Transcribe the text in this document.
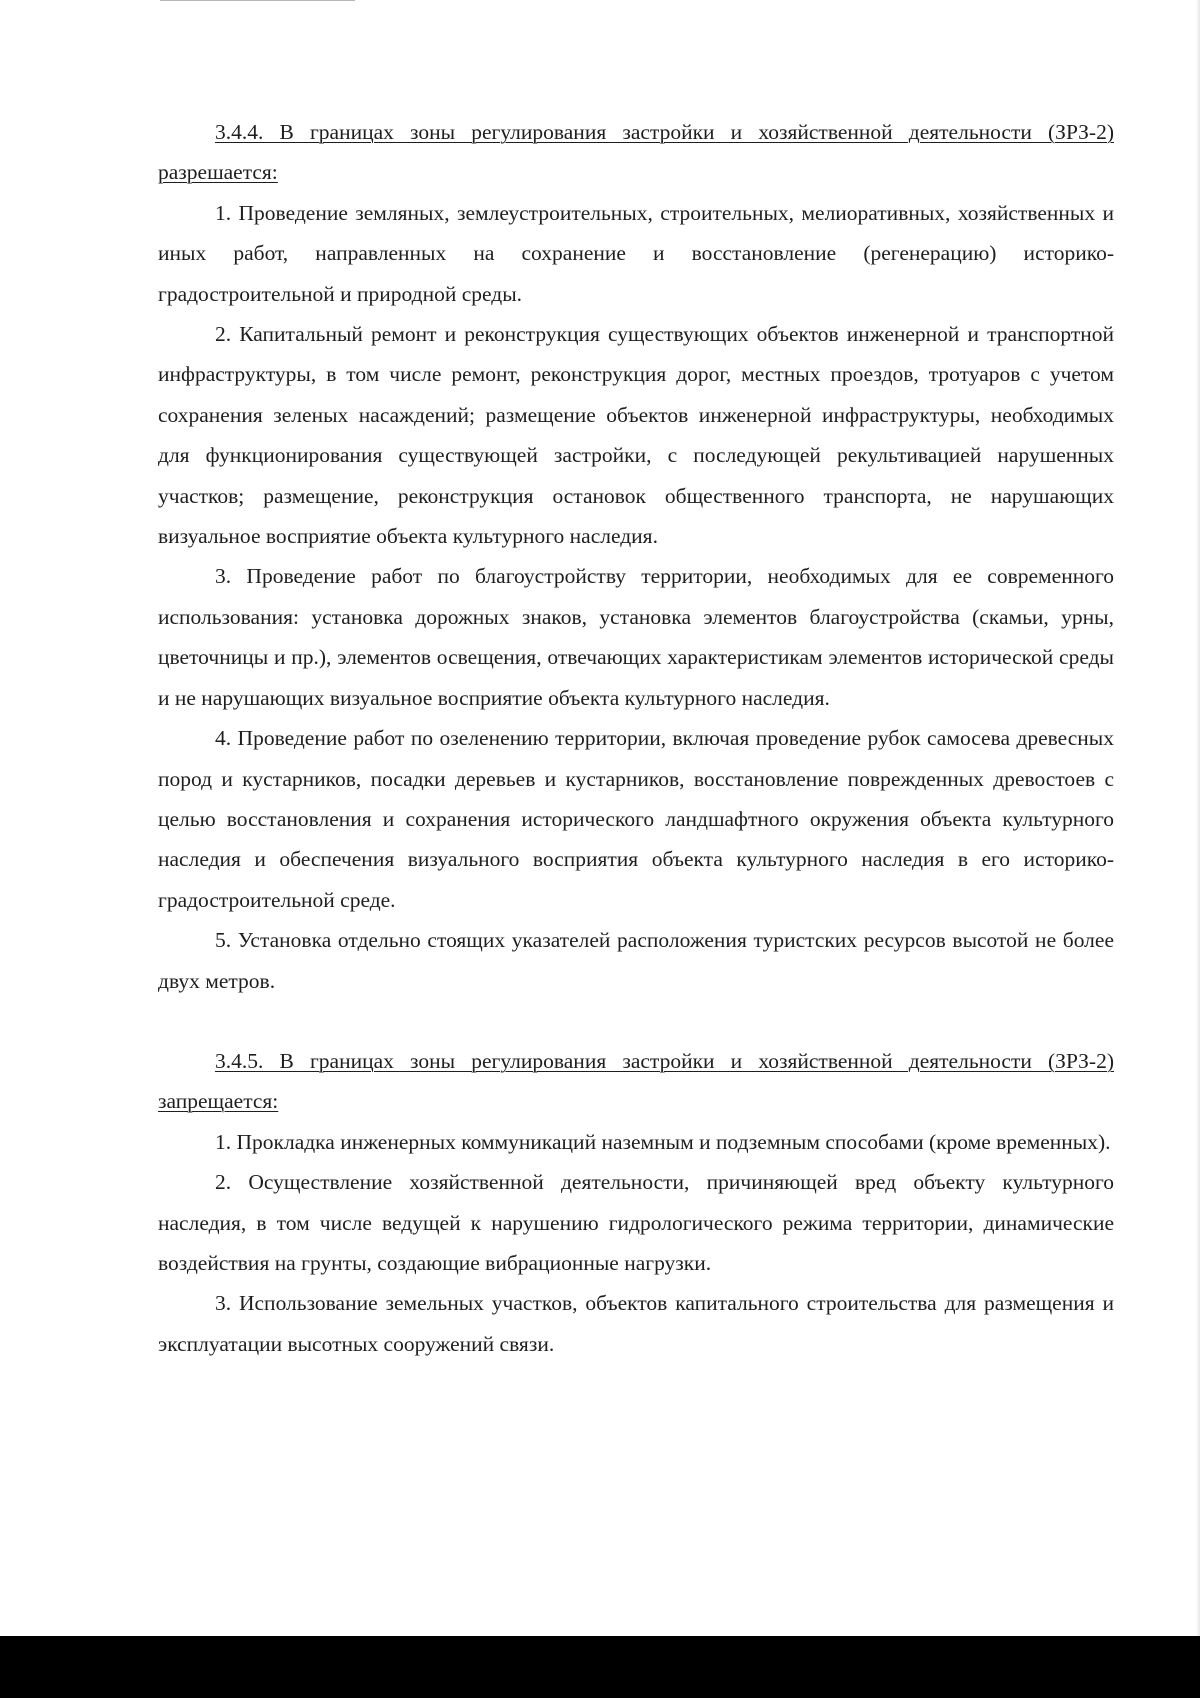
3.4.4. В границах зоны регулирования застройки и хозяйственной деятельности (ЗРЗ-2) разрешается:

1. Проведение земляных, землеустроительных, строительных, мелиоративных, хозяйственных и иных работ, направленных на сохранение и восстановление (регенерацию) историко-градостроительной и природной среды.

2. Капитальный ремонт и реконструкция существующих объектов инженерной и транспортной инфраструктуры, в том числе ремонт, реконструкция дорог, местных проездов, тротуаров с учетом сохранения зеленых насаждений; размещение объектов инженерной инфраструктуры, необходимых для функционирования существующей застройки, с последующей рекультивацией нарушенных участков; размещение, реконструкция остановок общественного транспорта, не нарушающих визуальное восприятие объекта культурного наследия.

3. Проведение работ по благоустройству территории, необходимых для ее современного использования: установка дорожных знаков, установка элементов благоустройства (скамьи, урны, цветочницы и пр.), элементов освещения, отвечающих характеристикам элементов исторической среды и не нарушающих визуальное восприятие объекта культурного наследия.

4. Проведение работ по озеленению территории, включая проведение рубок самосева древесных пород и кустарников, посадки деревьев и кустарников, восстановление поврежденных древостоев с целью восстановления и сохранения исторического ландшафтного окружения объекта культурного наследия и обеспечения визуального восприятия объекта культурного наследия в его историко-градостроительной среде.

5. Установка отдельно стоящих указателей расположения туристских ресурсов высотой не более двух метров.

3.4.5. В границах зоны регулирования застройки и хозяйственной деятельности (ЗРЗ-2) запрещается:

1. Прокладка инженерных коммуникаций наземным и подземным способами (кроме временных).

2. Осуществление хозяйственной деятельности, причиняющей вред объекту культурного наследия, в том числе ведущей к нарушению гидрологического режима территории, динамические воздействия на грунты, создающие вибрационные нагрузки.

3. Использование земельных участков, объектов капитального строительства для размещения и эксплуатации высотных сооружений связи.
